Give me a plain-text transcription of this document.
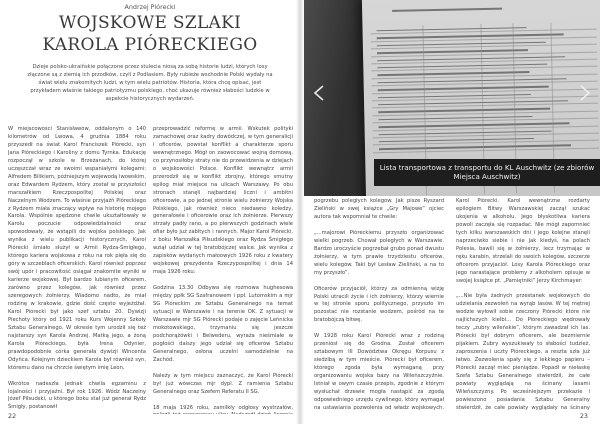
Andrzej Piórecki
WOJSKOWE SZLAKI
KAROLA PIÓRECKIEGO
Dzieje polsko-ukraińskie połączone przez stulecia niosą za sobą historie ludzi, których losy złączone są z ziemią ich przodków, czyli z Podlasiem. Były rubieże wschodnie Polski wydały na świat wielu znakomitych ludzi, w tym wielu patriotów. Historia, która chcę opisać, jest przykładem właśnie takiego patriotyzmu polskiego, choć ukazuje również słabości ludzkie w aspekcie historycznych wydarzeń.

W miejscowości Stanisławów, oddalonym o 140 kilometrów od Lwowa, 4 grudnia 1884 roku przyszedł na świat Karol Franciszek Piórecki, syn Jana Pióreckiego i Karoliny z domu Tyrnka. Edukację rozpoczął w szkole w Brzeżanach, do której uczęszczał wraz ze swoimi wspaniałymi kolegami: Alfredem Bilikiem, późniejszym wojewodą lwowskim, oraz Edwardem Rydzem, który został w przyszłości marszałkiem Rzeczpospolitej Polskiej oraz Naczelnym Wodzem. To właśnie przyjaźń Pióreckiego z Rydzem miała znaczący wpływ na historię mojego Karola. Wspólnie spędzone chwile ukształtowały w Karolu poczucie odpowiedzialności oraz spowodowały, że wstąpili do wojska polskiego. Jak wynika z wielu publikacji historycznych, Karol Piórecki śmiało służył w Armii Rydza-Śmigłego, którego kariera wojskowa z roku na rok pięła się do góry w szczeblach oficerskich. Karol również poprzez swój upór i pracowitość osiągał znakomite wyniki w karierze wojskowej. Był bardzo lubianym oficerem, zarówno przez kolegów, jak również przez szeregowych żołnierzy. Wiadomo nadto, że miał rodzinę w krakowie, gdzie dość często wyjeżdżał. Karol Piórecki był jako szef sztabu 20. Dywizji Piechoty który od 1921 roku Kurs Wojenny Szkoły Sztabu Generalnego. W okresie tym urodził się też najstarszy syn Karola Andrzej. Matką jego, a żoną Karola Pióreckiego, była Irena Odynier, prawdopodobnie córka generała dywizji Wincenta Odyńca. Kolejnym dzieckiem Karola był również syn, któremu dano na chrzcie świętym imię Leon.

Wkrótce nadeszła jednak chwila egzaminu z lojalności i przyjaźni. Był rok 1926. Wódz Naczelny Józef Piłsudski, u którego boku stał już generał Rydz Śmigły, postanowił

przeprowadzić reformę w armii. Wskutek polityki zamachowej oraz kadry dowódczej, w tym generalicji i oficerów, powstał konflikt a charakterze sporu wewnętrznego. Mógł on zaowocować wojną domową, co przynosiłoby straty nie do przewidzenia w dziejach o wojskowości Polsce. Konflikt wewnątrz armii przerodził się w konflikt zbrojny, którego smutny epilog miał miejsce na ulicach Warszawy. Po obu stronach stanęli najbardziej liczni i ambitni oficerowie, a po jednej stronie wielu żołnierzy Wojska Polskiego, jak również nieco niedawno koledzy, generałowie i oficerowie oraz ich żołnierze. Pierwszy strzały padły rano, a po pierwszych godzinach wiele ofiar było już zabitych i rannych. Major Karol Piórecki, z boku Marszałka Piłsudskiego oraz Rydza Śmigłego wziął udział w tej bratobójczej walce. Jak wynika z zapisków wydanych małoowych 1926 roku z kwatery wojskowej prezydenta Rzeczypospolitej i dnia 14 maja 1926 roku:

Godzina 13.30 Odbywa się rozmowa hughesowa między ppłk SG Szafranowem i ppł. Lutomskim a mjr SG Pióreckim ze Sztabu Generalnego na temat sytuacji w Warszawie i na terenie OK. Z sytuacji w Warszawie mjr SG Piórecki podaje o zajęcie Leńnicka mokotowskiego, trzymaniu się jeszcze podchorążówki i Belwederu, wyraża nieśmiałe w pogłośći dalszy jego udział się oficerów Sztabu Generalnego, osłona uczelni samodzielnie na Zachód.

Należy w tym miejscu zaznaczyć, że Karol Piórecki był już wówczas mjr dypl. Z ramienia Sztabu Generalnego oraz Szefem Referatu II SG.

18 maja 1926 roku, zamilkły odgłosy wystrzałów,

22
Lista transportowa z transportu do KL Auschwitz (ze zbiorów Miejsca Auschwitz)

pogrzebu poległych kolegów. Jak pisze Ryszard Zieliński w swej książce „Gry Majowe” ojciec autora tak wspomniał te chwile:

„...majorowi Pióreckiemu przyszło organizować wielki pogrzeb. Chował poległych w Warszawie. Bardzo uroczyście pogrzebał grubo ponad dwustu żołnierzy, w tym prawie trzydziestu oficerów, wielu kolegów. Taki był Lesław Zieliński, a na to my przyszło”.

Oficerów przyjaciół, którzy za odmienną wizję Polski utracili życie i ich żołnierzy, którzy wiernie w tej stronie sporu politycznego, przyszło im pozostać nie rozstanie wodzem, pośród na te bratobójczą bitwę.

W 1928 roku Karol Piórecki wraz z rodziną przeniósł się do Grodna. Został oficerem sztabowym III Dowództwa Okręgu Korpusu z siedzibą w tym mieście. Piórecki był oficerem, którego zgoda była wymaganą przy organizowaniu wojska bazy na Wileńszczyźnie. Istniał w owym czasie przepis, zgodnie z którym wysłuchał drzewie mogła nastąpić za zgodą odpowiedniego urzędu cywilnego, który wymagał na ustawiania pozwolenia od władz wojskowych.

Karol Piórecki. Karol wewnątrzne rozdarty epilogiem Bitwy Warszawskiej zaczął szukać ukojenia w alkoholu. Jego błyskotliwa kariera powoli zaczęła się rozpadać. Nie mógł zapomnieć tych kilku warszawskich dni i jego kolejne stanęli naprzeciwko siebie i nie jak kiedyś, na polach Polesia, bawili się w żołnierzy, lecz trzymając w ręku karabin, strzelali do swoich kolegów, szczerze oficerom przyjaciół. Losy Karola Pióreckiego oraz jego narastające problemy z alkoholem opisuje w swojej książce pt. „Pamiętniki” Jerzy Kirchmayer:

„...Nie była żadnych przestanek wojskowych do udzielania zezwoleń na wyrąb lasów. W tej mętnej wodzie wyłowił sobie rzeczony Piórecki które nie najlichszych kielbi... Do Pióreckiego wędrowały teczy „zubry wileńskie”, którym zawadzał ich las. Piórecki był dobrym oficerem, ale bezmiernie pijakiem. Zubry wyszukiwały to słabości tudzież, zaproszenia i uczty Pióreckiego, a reszta szła już łatwo. Zezwolenia spały się z lekkiego papieru – Piórecki zaczął mieć pieniądze. Popadł w niełaskę Szefa Sztabu Generalnego stwierdził, że całe powiaty wyglądają na ścinany lasami Wileńszczyzny. Po wcześniejszym przekazie i powieszono posiadania Sztabu Generalny stwierdził, że całe powiaty wyglądały na ścinany

23
